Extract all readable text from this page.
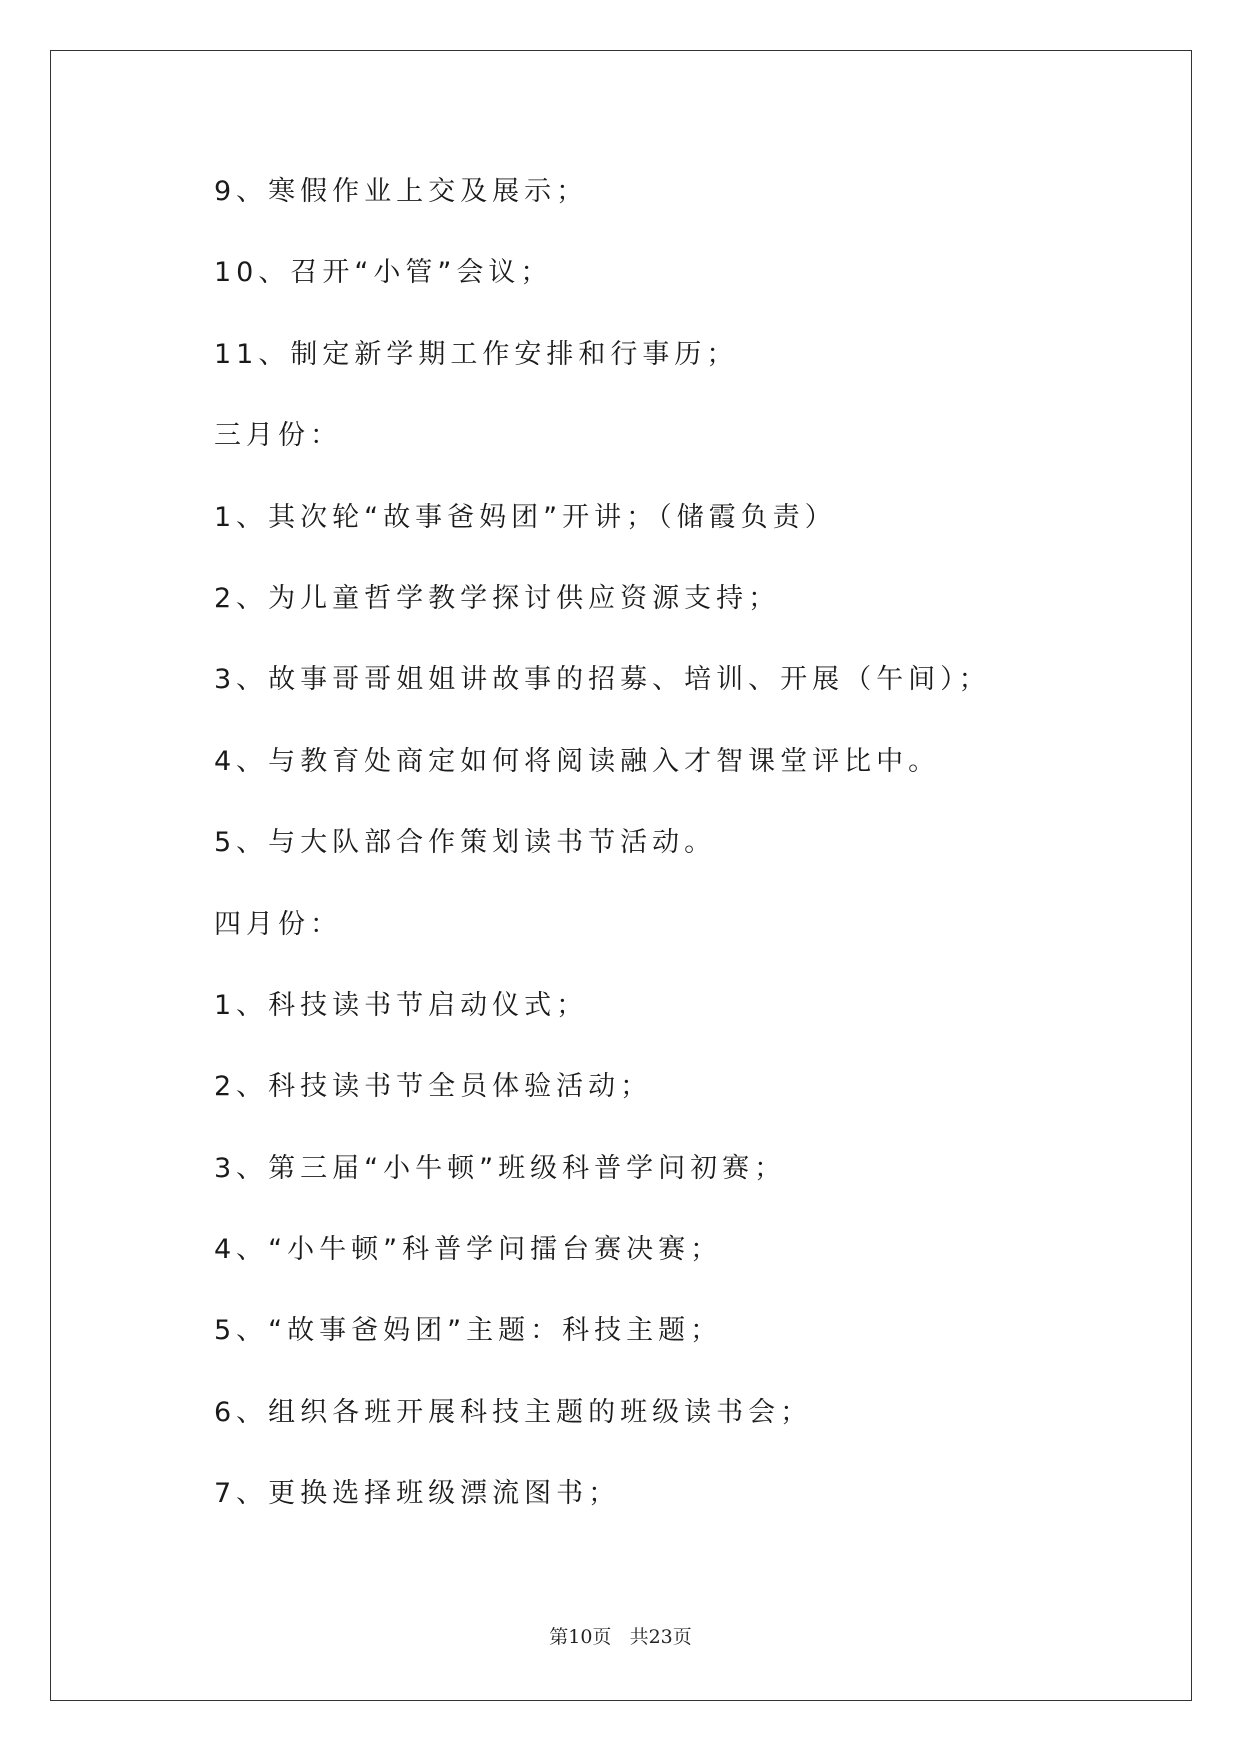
9、寒假作业上交及展示；
10、召开“小管”会议；
11、制定新学期工作安排和行事历；
三月份：
1、其次轮“故事爸妈团”开讲；（储霞负责）
2、为儿童哲学教学探讨供应资源支持；
3、故事哥哥姐姐讲故事的招募、培训、开展（午间）；
4、与教育处商定如何将阅读融入才智课堂评比中。
5、与大队部合作策划读书节活动。
四月份：
1、科技读书节启动仪式；
2、科技读书节全员体验活动；
3、第三届“小牛顿”班级科普学问初赛；
4、“小牛顿”科普学问擂台赛决赛；
5、“故事爸妈团”主题：科技主题；
6、组织各班开展科技主题的班级读书会；
7、更换选择班级漂流图书；
第10页 共23页
